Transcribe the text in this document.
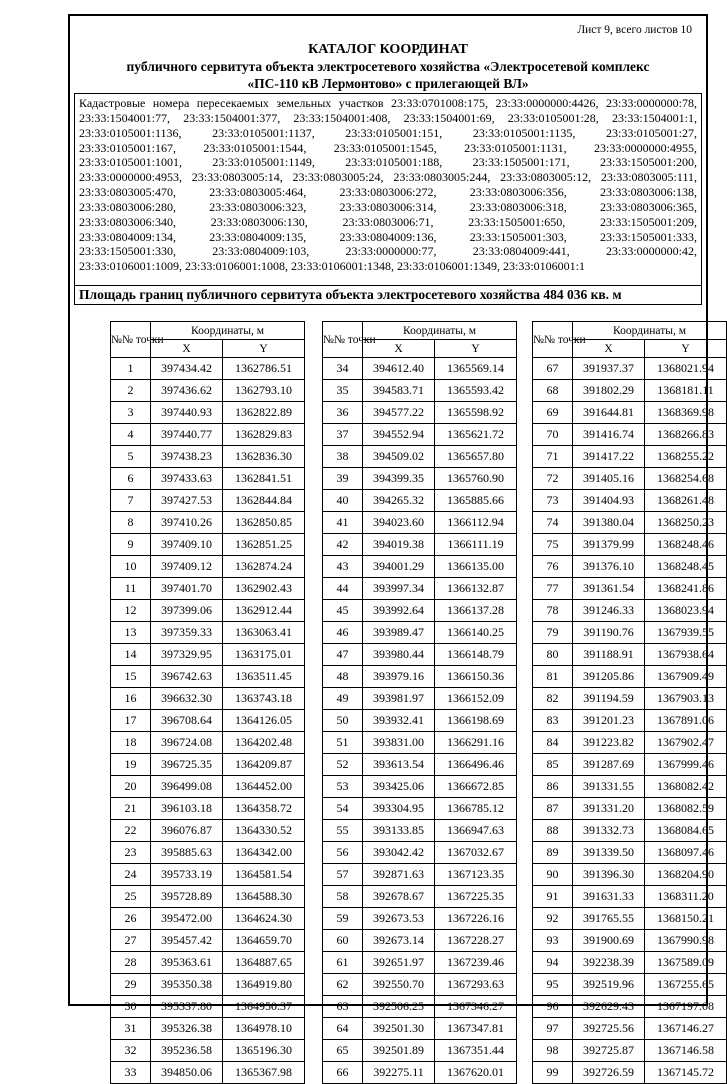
Лист 9, всего листов 10
КАТАЛОГ КООРДИНАТ
публичного сервитута объекта электросетевого хозяйства «Электросетевой комплекс
«ПС-110 кВ Лермонтово» с прилегающей ВЛ»
Кадастровые номера пересекаемых земельных участков 23:33:0701008:175, 23:33:0000000:4426, 23:33:0000000:78,
23:33:1504001:77, 23:33:1504001:377, 23:33:1504001:408, 23:33:1504001:69, 23:33:0105001:28, 23:33:1504001:1,
23:33:0105001:1136, 23:33:0105001:1137, 23:33:0105001:151, 23:33:0105001:1135, 23:33:0105001:27,
23:33:0105001:167, 23:33:0105001:1544, 23:33:0105001:1545, 23:33:0105001:1131, 23:33:0000000:4955,
23:33:0105001:1001, 23:33:0105001:1149, 23:33:0105001:188, 23:33:1505001:171, 23:33:1505001:200,
23:33:0000000:4953, 23:33:0803005:14, 23:33:0803005:24, 23:33:0803005:244, 23:33:0803005:12, 23:33:0803005:111,
23:33:0803005:470, 23:33:0803005:464, 23:33:0803006:272, 23:33:0803006:356, 23:33:0803006:138,
23:33:0803006:280, 23:33:0803006:323, 23:33:0803006:314, 23:33:0803006:318, 23:33:0803006:365,
23:33:0803006:340, 23:33:0803006:130, 23:33:0803006:71, 23:33:1505001:650, 23:33:1505001:209,
23:33:0804009:134, 23:33:0804009:135, 23:33:0804009:136, 23:33:1505001:303, 23:33:1505001:333,
23:33:1505001:330, 23:33:0804009:103, 23:33:0000000:77, 23:33:0804009:441, 23:33:0000000:42,
23:33:0106001:1009, 23:33:0106001:1008, 23:33:0106001:1348, 23:33:0106001:1349, 23:33:0106001:1
Площадь границ публичного сервитута объекта электросетевого хозяйства 484 036 кв. м
№№ точки	Координаты, м	
	X	Y
1	397434.42	1362786.51
2	397436.62	1362793.10
3	397440.93	1362822.89
4	397440.77	1362829.83
5	397438.23	1362836.30
6	397433.63	1362841.51
7	397427.53	1362844.84
8	397410.26	1362850.85
9	397409.10	1362851.25
10	397409.12	1362874.24
11	397401.70	1362902.43
12	397399.06	1362912.44
13	397359.33	1363063.41
14	397329.95	1363175.01
15	396742.63	1363511.45
16	396632.30	1363743.18
17	396708.64	1364126.05
18	396724.08	1364202.48
19	396725.35	1364209.87
20	396499.08	1364452.00
21	396103.18	1364358.72
22	396076.87	1364330.52
23	395885.63	1364342.00
24	395733.19	1364581.54
25	395728.89	1364588.30
26	395472.00	1364624.30
27	395457.42	1364659.70
28	395363.61	1364887.65
29	395350.38	1364919.80
30	395337.80	1364950.37
31	395326.38	1364978.10
32	395236.58	1365196.30
33	394850.06	1365367.98
№№ точки	Координаты, м	
	X	Y
34	394612.40	1365569.14
35	394583.71	1365593.42
36	394577.22	1365598.92
37	394552.94	1365621.72
38	394509.02	1365657.80
39	394399.35	1365760.90
40	394265.32	1365885.66
41	394023.60	1366112.94
42	394019.38	1366111.19
43	394001.29	1366135.00
44	393997.34	1366132.87
45	393992.64	1366137.28
46	393989.47	1366140.25
47	393980.44	1366148.79
48	393979.16	1366150.36
49	393981.97	1366152.09
50	393932.41	1366198.69
51	393831.00	1366291.16
52	393613.54	1366496.46
53	393425.06	1366672.85
54	393304.95	1366785.12
55	393133.85	1366947.63
56	393042.42	1367032.67
57	392871.63	1367123.35
58	392678.67	1367225.35
59	392673.53	1367226.16
60	392673.14	1367228.27
61	392651.97	1367239.46
62	392550.70	1367293.63
63	392506.25	1367346.27
64	392501.30	1367347.81
65	392501.89	1367351.44
66	392275.11	1367620.01
№№ точки	Координаты, м	
	X	Y
67	391937.37	1368021.94
68	391802.29	1368181.11
69	391644.81	1368369.98
70	391416.74	1368266.83
71	391417.22	1368255.22
72	391405.16	1368254.68
73	391404.93	1368261.48
74	391380.04	1368250.23
75	391379.99	1368248.46
76	391376.10	1368248.45
77	391361.54	1368241.86
78	391246.33	1368023.94
79	391190.76	1367939.55
80	391188.91	1367938.64
81	391205.86	1367909.49
82	391194.59	1367903.13
83	391201.23	1367891.06
84	391223.82	1367902.47
85	391287.69	1367999.46
86	391331.55	1368082.42
87	391331.20	1368082.59
88	391332.73	1368084.65
89	391339.50	1368097.46
90	391396.30	1368204.90
91	391631.33	1368311.20
92	391765.55	1368150.21
93	391900.69	1367990.98
94	392238.39	1367589.09
95	392519.96	1367255.65
96	392629.43	1367197.08
97	392725.56	1367146.27
98	392725.87	1367146.58
99	392726.59	1367145.72
